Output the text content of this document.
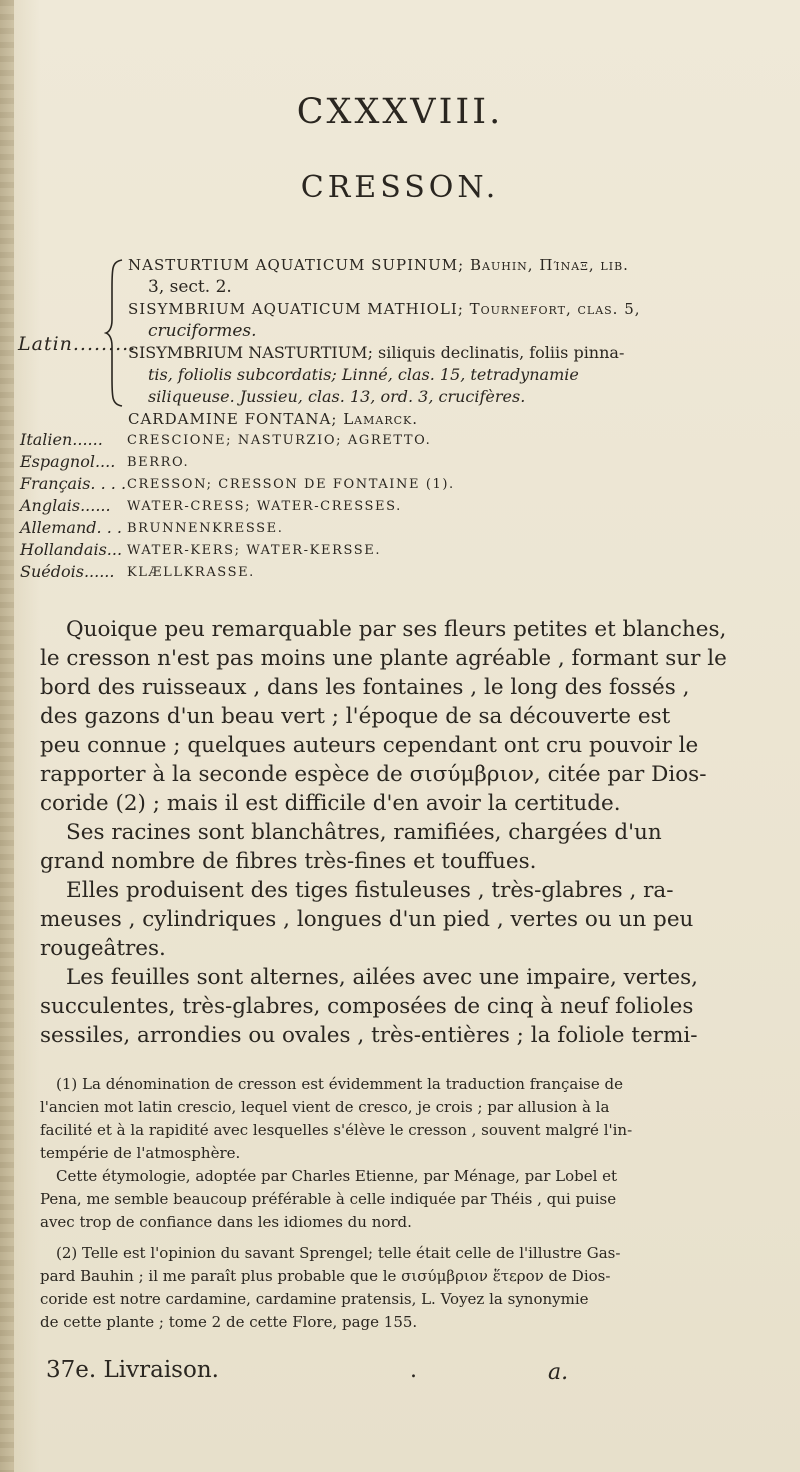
CXXXVIII.
CRESSON.
Latin.........
NASTURTIUM AQUATICUM SUPINUM; Bauhin, Πίναξ, lib.
3, sect. 2.
SISYMBRIUM AQUATICUM MATHIOLI; Tournefort, clas. 5,
cruciformes.
SISYMBRIUM NASTURTIUM; siliquis declinatis, foliis pinna-
tis, foliolis subcordatis; Linné, clas. 15, tetradynamie
siliqueuse. Jussieu, clas. 13, ord. 3, crucifères.
CARDAMINE FONTANA; Lamarck.
Italien...... CRESCIONE; NASTURZIO; AGRETTO.
Espagnol.... BERRO.
Français. . . . CRESSON; CRESSON DE FONTAINE (1).
Anglais...... WATER-CRESS; WATER-CRESSES.
Allemand. . . BRUNNENKRESSE.
Hollandais... WATER-KERS; WATER-KERSSE.
Suédois...... KLÆLLKRASSE.
Quoique peu remarquable par ses fleurs petites et blanches,
le cresson n'est pas moins une plante agréable , formant sur le
bord des ruisseaux , dans les fontaines , le long des fossés ,
des gazons d'un beau vert ; l'époque de sa découverte est
peu connue ; quelques auteurs cependant ont cru pouvoir le
rapporter à la seconde espèce de σισύμβριον, citée par Dios-
coride (2) ; mais il est difficile d'en avoir la certitude.
Ses racines sont blanchâtres, ramifiées, chargées d'un
grand nombre de fibres très-fines et touffues.
Elles produisent des tiges fistuleuses , très-glabres , ra-
meuses , cylindriques , longues d'un pied , vertes ou un peu
rougeâtres.
Les feuilles sont alternes, ailées avec une impaire, vertes,
succulentes, très-glabres, composées de cinq à neuf folioles
sessiles, arrondies ou ovales , très-entières ; la foliole termi-
(1) La dénomination de cresson est évidemment la traduction française de
l'ancien mot latin crescio, lequel vient de cresco, je crois ; par allusion à la
facilité et à la rapidité avec lesquelles s'élève le cresson , souvent malgré l'in-
tempérie de l'atmosphère.
Cette étymologie, adoptée par Charles Etienne, par Ménage, par Lobel et
Pena, me semble beaucoup préférable à celle indiquée par Théis , qui puise
avec trop de confiance dans les idiomes du nord.
(2) Telle est l'opinion du savant Sprengel; telle était celle de l'illustre Gas-
pard Bauhin ; il me paraît plus probable que le σισύμβριον ἕτερον de Dios-
coride est notre cardamine, cardamine pratensis, L. Voyez la synonymie
de cette plante ; tome 2 de cette Flore, page 155.
37e. Livraison.	.	a.
